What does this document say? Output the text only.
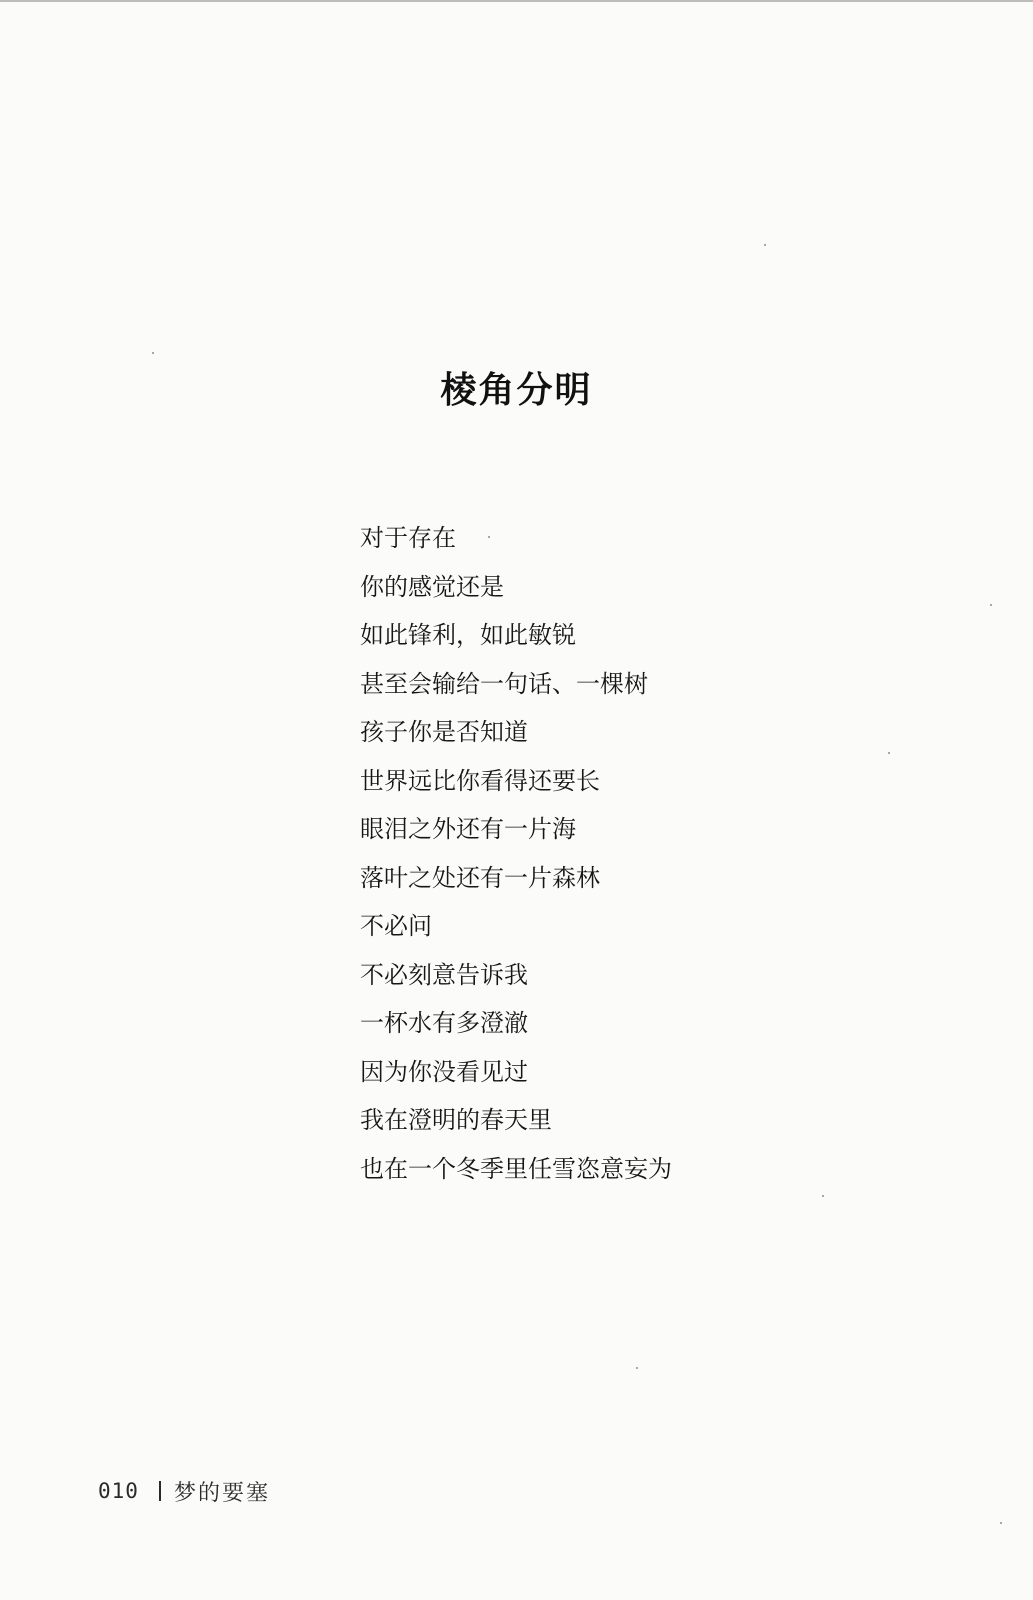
棱角分明
对于存在
你的感觉还是
如此锋利，如此敏锐
甚至会输给一句话、一棵树
孩子你是否知道
世界远比你看得还要长
眼泪之外还有一片海
落叶之处还有一片森林
不必问
不必刻意告诉我
一杯水有多澄澈
因为你没看见过
我在澄明的春天里
也在一个冬季里任雪恣意妄为
010 梦的要塞
